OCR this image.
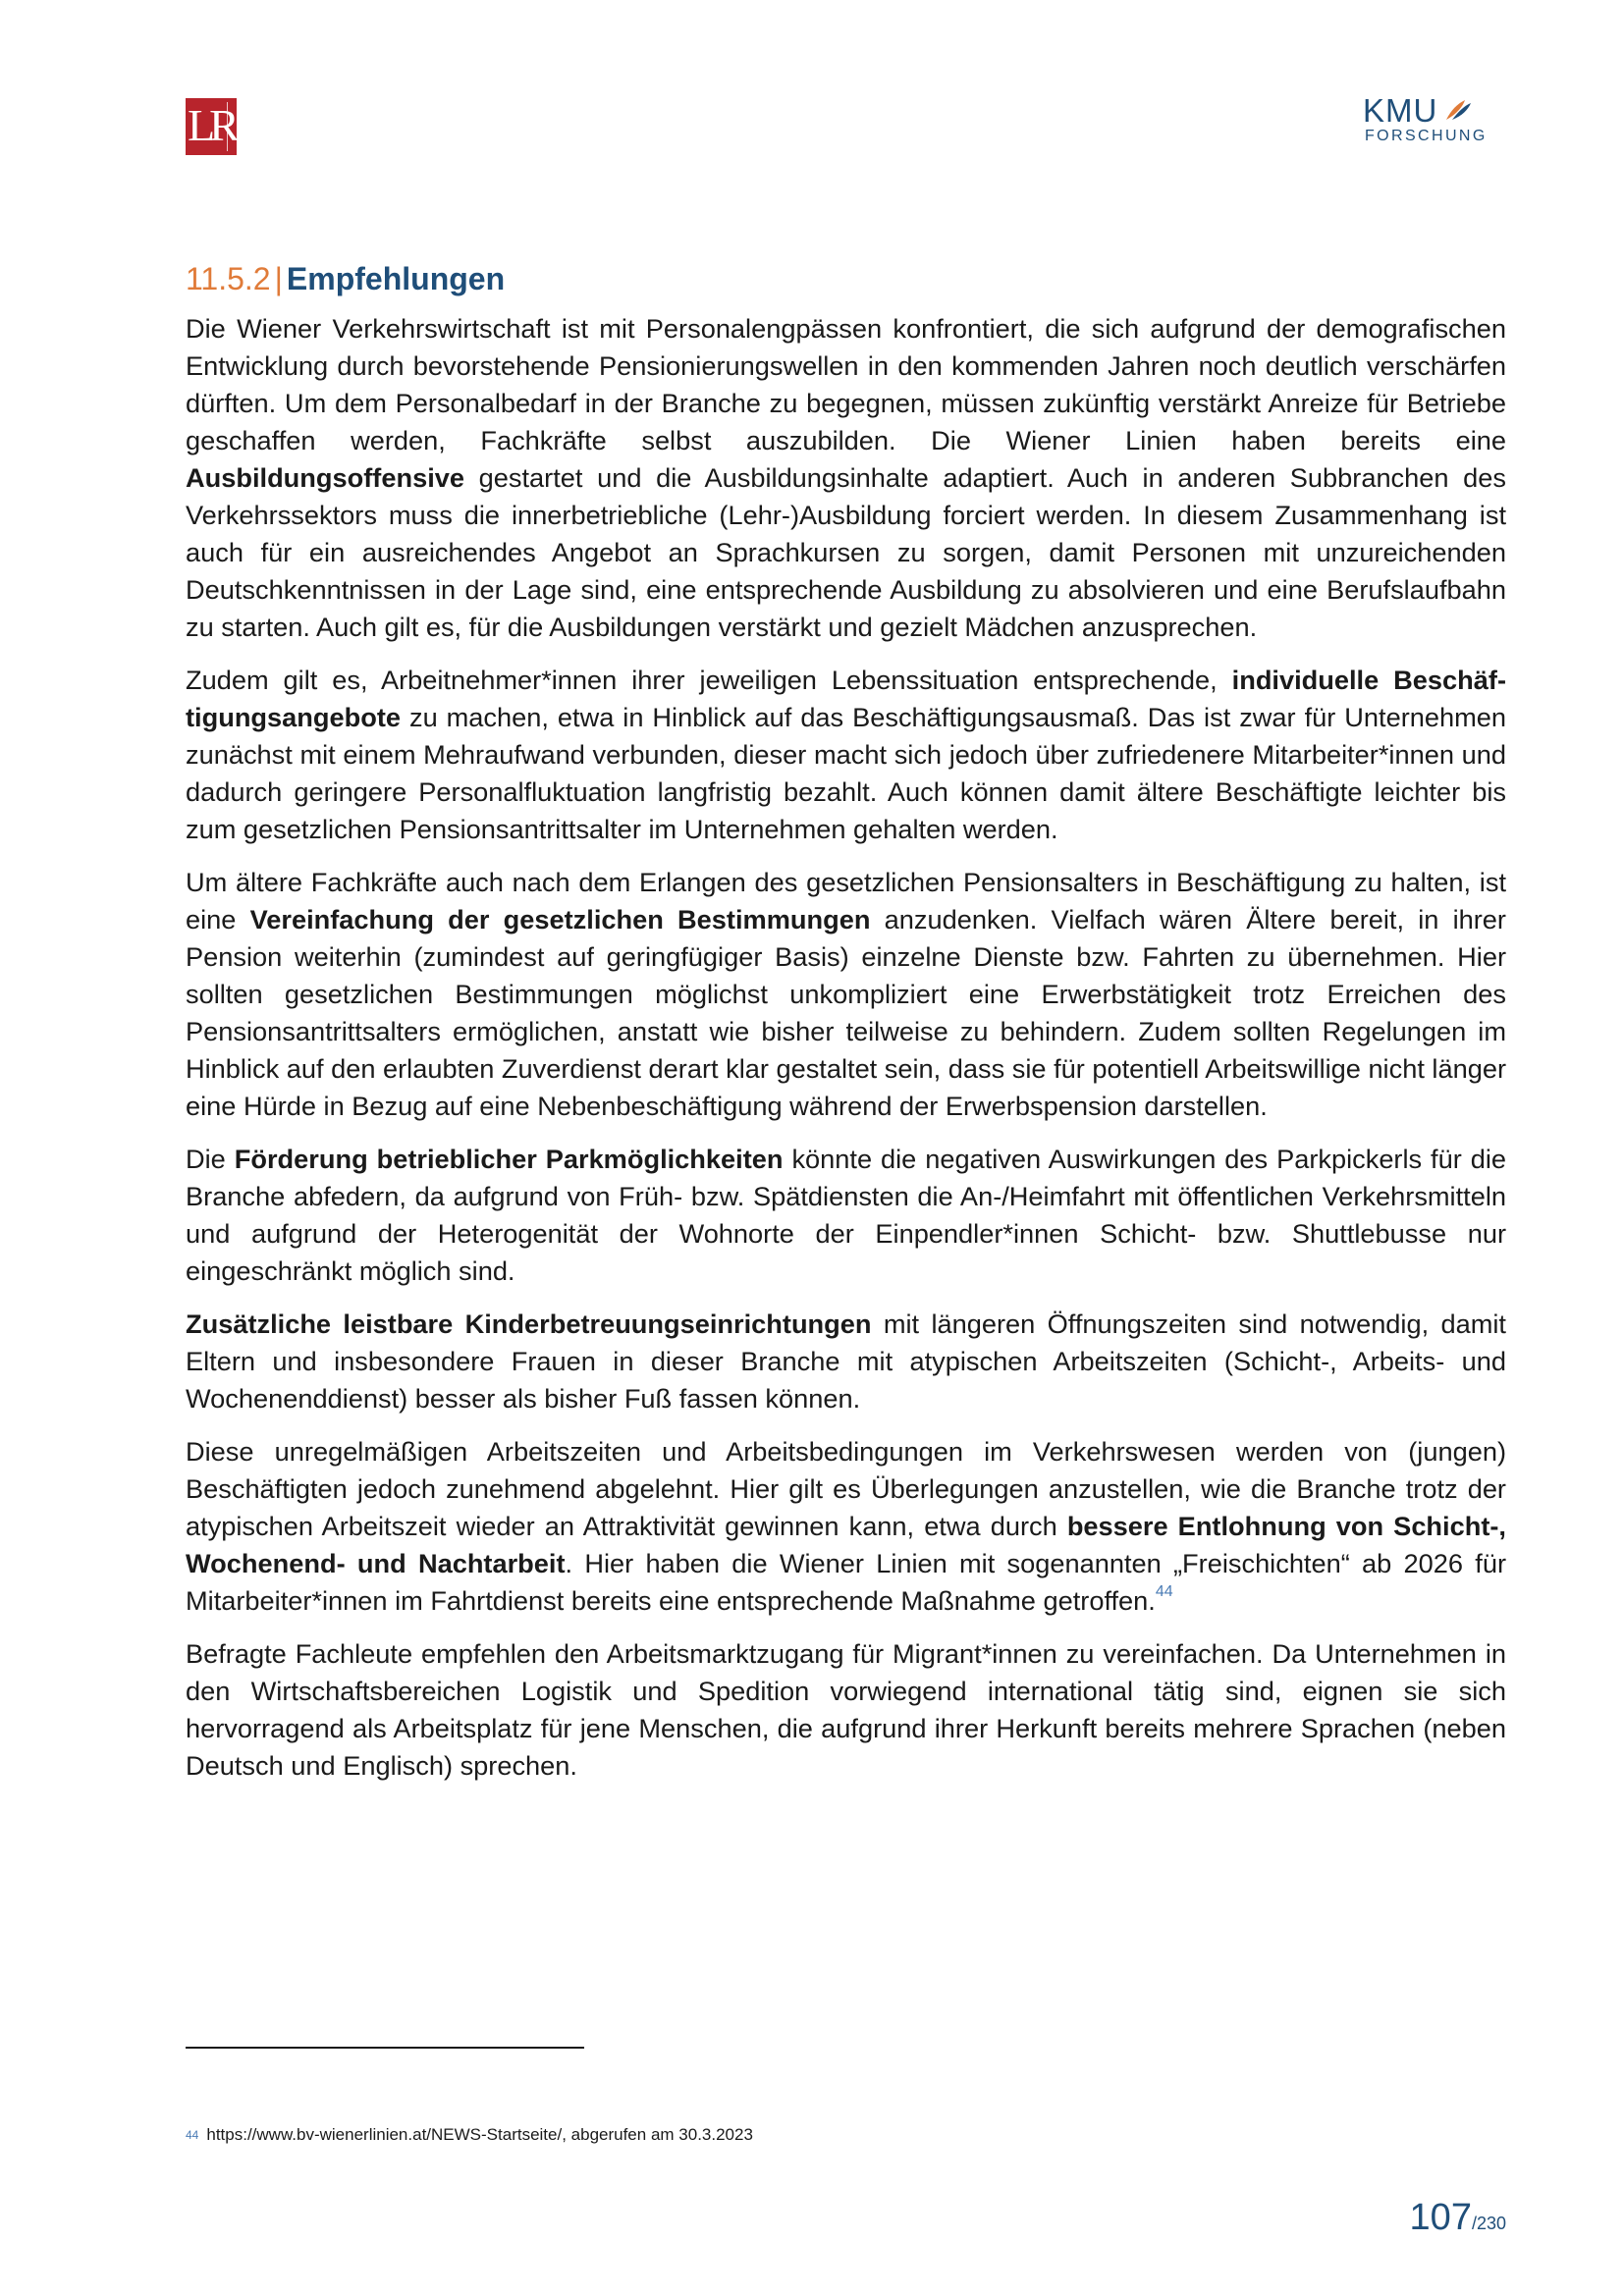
LR	KMU
FORSCHUNG
11.5.2 | Empfehlungen

Die Wiener Verkehrswirtschaft ist mit Personalengpässen konfrontiert, die sich aufgrund der demografischen Entwicklung durch bevorstehende Pensionierungswellen in den kommenden Jahren noch deutlich verschärfen dürften. Um dem Personalbedarf in der Branche zu begegnen, müssen zukünftig verstärkt Anreize für Betriebe geschaffen werden, Fachkräfte selbst auszubilden. Die Wiener Linien haben bereits eine Ausbildungsoffensive gestartet und die Ausbildungsinhalte adaptiert. Auch in anderen Subbranchen des Verkehrssektors muss die innerbetriebliche (Lehr-)Ausbildung forciert werden. In diesem Zusammenhang ist auch für ein ausreichendes Angebot an Sprachkursen zu sorgen, damit Personen mit unzureichenden Deutschkenntnissen in der Lage sind, eine entsprechende Ausbildung zu absolvieren und eine Berufslaufbahn zu starten. Auch gilt es, für die Ausbildungen verstärkt und gezielt Mädchen anzusprechen.

Zudem gilt es, Arbeitnehmer*innen ihrer jeweiligen Lebenssituation entsprechende, individuelle Beschäftigungsangebote zu machen, etwa in Hinblick auf das Beschäftigungsausmaß. Das ist zwar für Unternehmen zunächst mit einem Mehraufwand verbunden, dieser macht sich jedoch über zufriedenere Mitarbeiter*innen und dadurch geringere Personalfluktuation langfristig bezahlt. Auch können damit ältere Beschäftigte leichter bis zum gesetzlichen Pensionsantrittsalter im Unternehmen gehalten werden.

Um ältere Fachkräfte auch nach dem Erlangen des gesetzlichen Pensionsalters in Beschäftigung zu halten, ist eine Vereinfachung der gesetzlichen Bestimmungen anzudenken. Vielfach wären Ältere bereit, in ihrer Pension weiterhin (zumindest auf geringfügiger Basis) einzelne Dienste bzw. Fahrten zu übernehmen. Hier sollten gesetzlichen Bestimmungen möglichst unkompliziert eine Erwerbstätigkeit trotz Erreichen des Pensionsantrittsalters ermöglichen, anstatt wie bisher teilweise zu behindern. Zudem sollten Regelungen im Hinblick auf den erlaubten Zuverdienst derart klar gestaltet sein, dass sie für potentiell Arbeitswillige nicht länger eine Hürde in Bezug auf eine Nebenbeschäftigung während der Erwerbspension darstellen.

Die Förderung betrieblicher Parkmöglichkeiten könnte die negativen Auswirkungen des Parkpickerls für die Branche abfedern, da aufgrund von Früh- bzw. Spätdiensten die An-/Heimfahrt mit öffentlichen Verkehrsmitteln und aufgrund der Heterogenität der Wohnorte der Einpendler*innen Schicht- bzw. Shuttlebusse nur eingeschränkt möglich sind.

Zusätzliche leistbare Kinderbetreuungseinrichtungen mit längeren Öffnungszeiten sind notwendig, damit Eltern und insbesondere Frauen in dieser Branche mit atypischen Arbeitszeiten (Schicht-, Arbeits- und Wochenenddienst) besser als bisher Fuß fassen können.

Diese unregelmäßigen Arbeitszeiten und Arbeitsbedingungen im Verkehrswesen werden von (jungen) Beschäftigten jedoch zunehmend abgelehnt. Hier gilt es Überlegungen anzustellen, wie die Branche trotz der atypischen Arbeitszeit wieder an Attraktivität gewinnen kann, etwa durch bessere Entlohnung von Schicht-, Wochenend- und Nachtarbeit. Hier haben die Wiener Linien mit sogenannten „Freischichten“ ab 2026 für Mitarbeiter*innen im Fahrtdienst bereits eine entsprechende Maßnahme getroffen.$^{44}$

Befragte Fachleute empfehlen den Arbeitsmarktzugang für Migrant*innen zu vereinfachen. Da Unternehmen in den Wirtschaftsbereichen Logistik und Spedition vorwiegend international tätig sind, eignen sie sich hervorragend als Arbeitsplatz für jene Menschen, die aufgrund ihrer Herkunft bereits mehrere Sprachen (neben Deutsch und Englisch) sprechen.

$^{44}$ https://www.bv-wienerlinien.at/NEWS-Startseite/, abgerufen am 30.3.2023
107/230
